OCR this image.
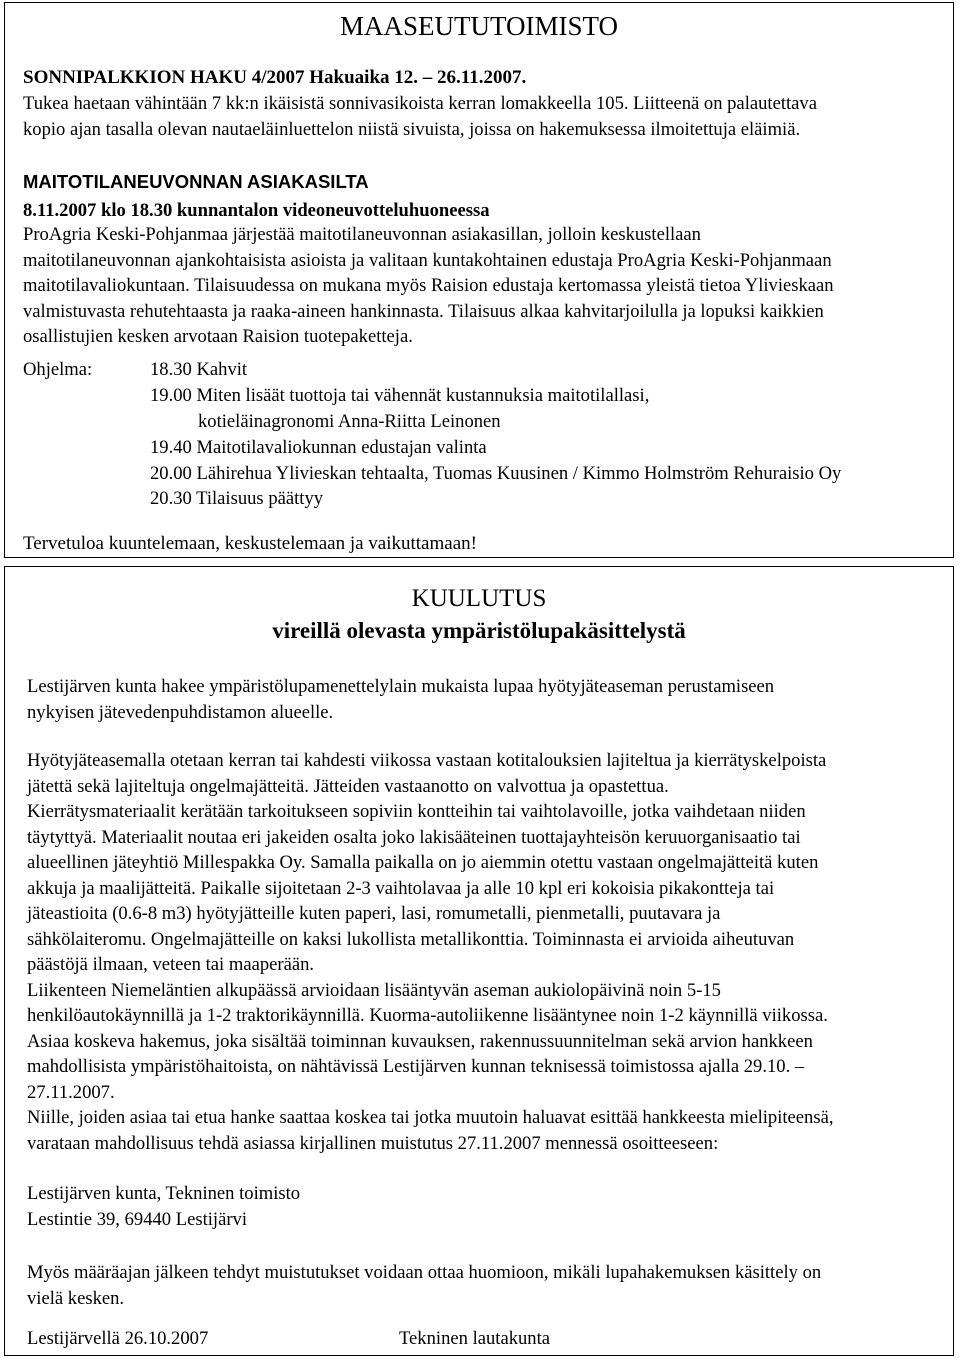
MAASEUTUTOIMISTO
SONNIPALKKION HAKU 4/2007 Hakuaika 12. – 26.11.2007.
Tukea haetaan vähintään 7 kk:n ikäisistä sonnivasikoista kerran lomakkeella 105. Liitteenä on palautettava
kopio ajan tasalla olevan nautaeläinluettelon niistä sivuista, joissa on hakemuksessa ilmoitettuja eläimiä.
MAITOTILANEUVONNAN ASIAKASILTA
8.11.2007 klo 18.30 kunnantalon videoneuvotteluhuoneessa
ProAgria Keski-Pohjanmaa järjestää maitotilaneuvonnan asiakasillan, jolloin keskustellaan
maitotilaneuvonnan ajankohtaisista asioista ja valitaan kuntakohtainen edustaja ProAgria Keski-Pohjanmaan
maitotilavaliokuntaan. Tilaisuudessa on mukana myös Raision edustaja kertomassa yleistä tietoa Ylivieskaan
valmistuvasta rehutehtaasta ja raaka-aineen hankinnasta. Tilaisuus alkaa kahvitarjoilulla ja lopuksi kaikkien
osallistujien kesken arvotaan Raision tuotepaketteja.
Ohjelma:	18.30 Kahvit
19.00 Miten lisäät tuottoja tai vähennät kustannuksia maitotilallasi,
kotieläinagronomi Anna-Riitta Leinonen
19.40 Maitotilavaliokunnan edustajan valinta
20.00 Lähirehua Ylivieskan tehtaalta, Tuomas Kuusinen / Kimmo Holmström Rehuraisio Oy
20.30 Tilaisuus päättyy
Tervetuloa kuuntelemaan, keskustelemaan ja vaikuttamaan!
KUULUTUS
vireillä olevasta ympäristölupakäsittelystä
Lestijärven kunta hakee ympäristölupamenettelylain mukaista lupaa hyötyjäteaseman perustamiseen
nykyisen jätevedenpuhdistamon alueelle.
Hyötyjäteasemalla otetaan kerran tai kahdesti viikossa vastaan kotitalouksien lajiteltua ja kierrätyskelpoista
jätettä sekä lajiteltuja ongelmajätteitä. Jätteiden vastaanotto on valvottua ja opastettua.
Kierrätysmateriaalit kerätään tarkoitukseen sopiviin kontteihin tai vaihtolavoille, jotka vaihdetaan niiden
täytyttyä. Materiaalit noutaa eri jakeiden osalta joko lakisääteinen tuottajayhteisön keruuorganisaatio tai
alueellinen jäteyhtiö Millespakka Oy. Samalla paikalla on jo aiemmin otettu vastaan ongelmajätteitä kuten
akkuja ja maalijätteitä. Paikalle sijoitetaan 2-3 vaihtolavaa ja alle 10 kpl eri kokoisia pikakontteja tai
jäteastioita (0.6-8 m3) hyötyjätteille kuten paperi, lasi, romumetalli, pienmetalli, puutavara ja
sähkölaiteromu. Ongelmajätteille on kaksi lukollista metallikonttia. Toiminnasta ei arvioida aiheutuvan
päästöjä ilmaan, veteen tai maaperään.
Liikenteen Niemeläntien alkupäässä arvioidaan lisääntyvän aseman aukiolopäivinä noin 5-15
henkilöautokäynnillä ja 1-2 traktorikäynnillä. Kuorma-autoliikenne lisääntynee noin 1-2 käynnillä viikossa.
Asiaa koskeva hakemus, joka sisältää toiminnan kuvauksen, rakennussuunnitelman sekä arvion hankkeen
mahdollisista ympäristöhaitoista, on nähtävissä Lestijärven kunnan teknisessä toimistossa ajalla 29.10. –
27.11.2007.
Niille, joiden asiaa tai etua hanke saattaa koskea tai jotka muutoin haluavat esittää hankkeesta mielipiteensä,
varataan mahdollisuus tehdä asiassa kirjallinen muistutus 27.11.2007 mennessä osoitteeseen:
Lestijärven kunta, Tekninen toimisto
Lestintie 39, 69440 Lestijärvi
Myös määräajan jälkeen tehdyt muistutukset voidaan ottaa huomioon, mikäli lupahakemuksen käsittely on
vielä kesken.
Lestijärvellä 26.10.2007	Tekninen lautakunta
